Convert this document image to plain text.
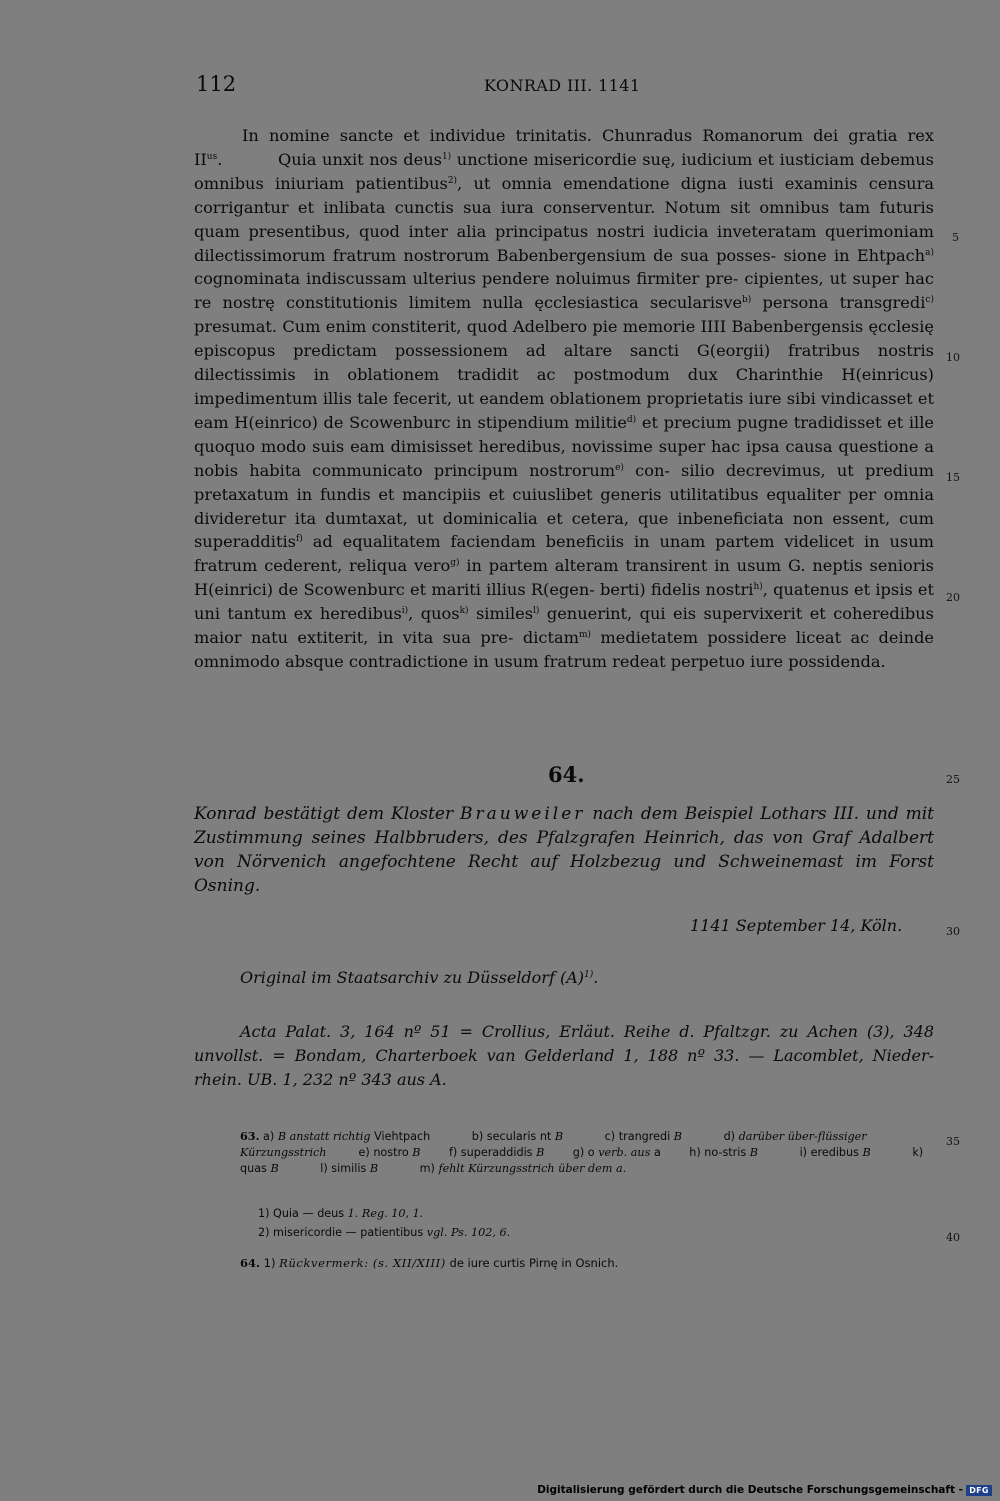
112	KONRAD III. 1141

In nomine sancte et individue trinitatis. Chunradus Romanorum dei gratia rex $II^{us}$.          Quia unxit nos deus$^{1)}$ unctione misericordie suę, iudicium et iusticiam debemus omnibus iniuriam patientibus$^{2)}$, ut omnia emendatione digna iusti examinis censura corrigantur et inlibata cunctis sua iura conserventur. Notum sit omnibus tam futuris quam presentibus, quod inter alia principatus nostri iudicia inveteratam querimoniam dilectissimorum fratrum nostrorum Babenbergensium de sua posses- sione in Ehtpach$^{a)}$ cognominata indiscussam ulterius pendere noluimus firmiter pre- cipientes, ut super hac re nostrę constitutionis limitem nulla ęcclesiastica secularisve$^{b)}$ persona transgredi$^{c)}$ presumat. Cum enim constiterit, quod Adelbero pie memorie IIII Babenbergensis ęcclesię episcopus predictam possessionem ad altare sancti G(eorgii) fratribus nostris dilectissimis in oblationem tradidit ac postmodum dux Charinthie H(einricus) impedimentum illis tale fecerit, ut eandem oblationem proprietatis iure sibi vindicasset et eam H(einrico) de Scowenburc in stipendium militie$^{d)}$ et precium pugne tradidisset et ille quoquo modo suis eam dimisisset heredibus, novissime super hac ipsa causa questione a nobis habita communicato principum nostrorum$^{e)}$ con- silio decrevimus, ut predium pretaxatum in fundis et mancipiis et cuiuslibet generis utilitatibus equaliter per omnia divideretur ita dumtaxat, ut dominicalia et cetera, que inbeneficiata non essent, cum superadditis$^{f)}$ ad equalitatem faciendam beneficiis in unam partem videlicet in usum fratrum cederent, reliqua vero$^{g)}$ in partem alteram transirent in usum G. neptis senioris H(einrici) de Scowenburc et mariti illius R(egen- berti) fidelis nostri$^{h)}$, quatenus et ipsis et uni tantum ex heredibus$^{i)}$, quos$^{k)}$ similes$^{l)}$ genuerint, qui eis supervixerit et coheredibus maior natu extiterit, in vita sua pre- dictam$^{m)}$ medietatem possidere liceat ac deinde omnimodo absque contradictione in usum fratrum redeat perpetuo iure possidenda.

5
10
15
20
25
30
35
40
64.

Konrad bestätigt dem Kloster Brauweiler nach dem Beispiel Lothars III. und mit Zustimmung seines Halbbruders, des Pfalzgrafen Heinrich, das von Graf Adalbert von Nörvenich angefochtene Recht auf Holzbezug und Schweinemast im Forst Osning.

1141 September 14, Köln.
Original im Staatsarchiv zu Düsseldorf $(A)^{1)}$.

Acta Palat. 3, 164 nº 51 = Crollius, Erläut. Reihe d. Pfaltzgr. zu Achen (3), 348 unvollst. = Bondam, Charterboek van Gelderland 1, 188 nº 33. — Lacomblet, Nieder-rhein. UB. 1, 232 nº 343 aus A.

63. a) B anstatt richtig Viehtpach	b) secularis nt B	c) trangredi B	d) darüber über-flüssiger Kürzungsstrich	e) nostro B	f) superaddidis B	g) o verb. aus a	h) no-stris B	i) eredibus B	k) quas B	l) similis B	m) fehlt Kürzungsstrich über dem a.

1) Quia — deus 1. Reg. 10, 1.

2) misericordie — patientibus vgl. Ps. 102, 6.

64. 1) Rückvermerk: (s. XII/XIII) de iure curtis Pirnę in Osnich.
Digitalisierung gefördert durch die Deutsche Forschungsgemeinschaft - DFG
